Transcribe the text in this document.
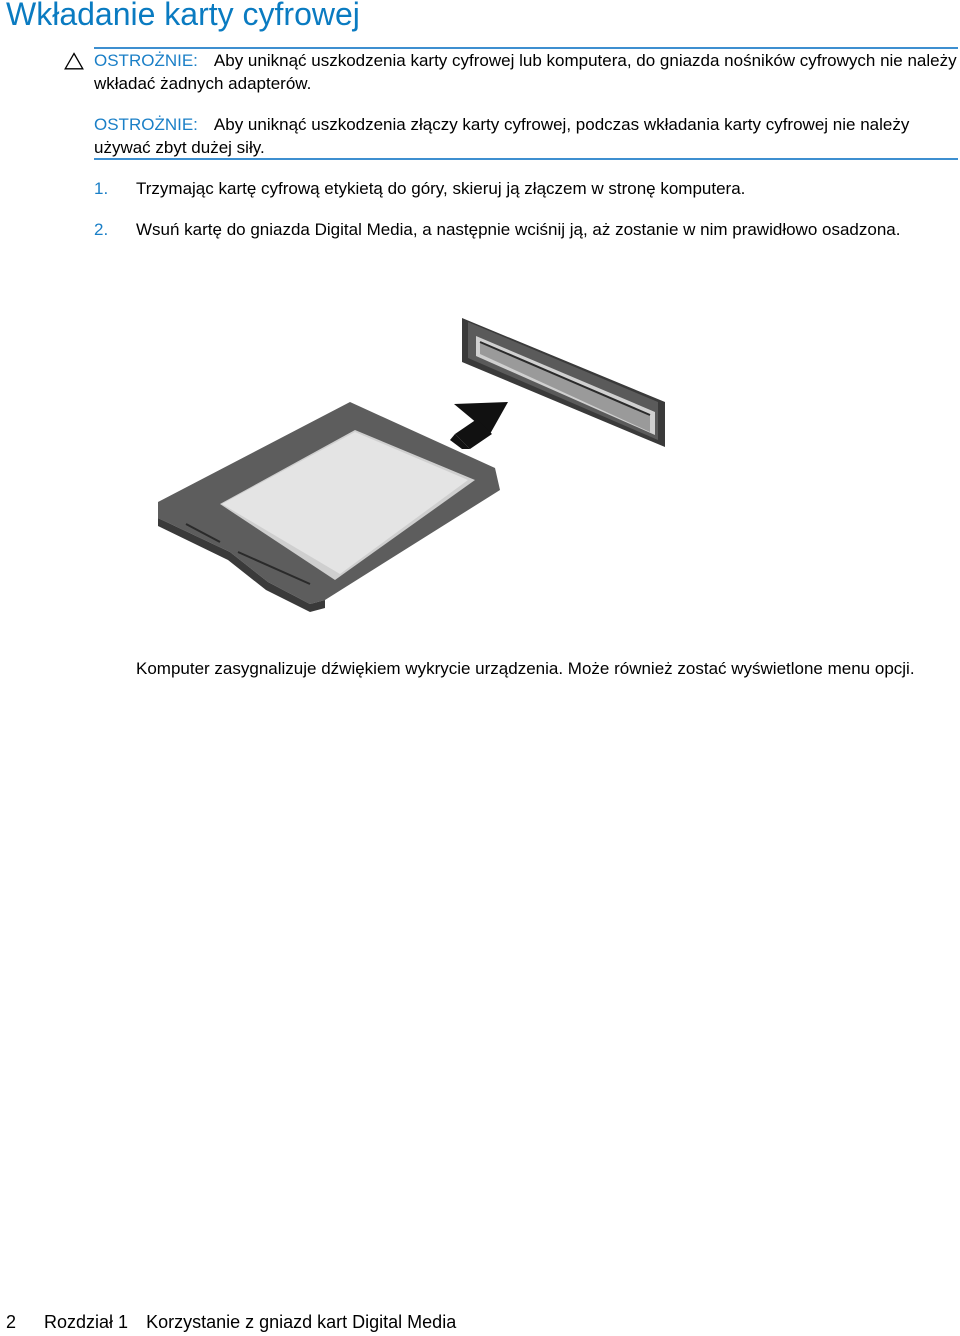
Wkładanie karty cyfrowej
OSTROŻNIE: Aby uniknąć uszkodzenia karty cyfrowej lub komputera, do gniazda nośników cyfrowych nie należy wkładać żadnych adapterów.
OSTROŻNIE: Aby uniknąć uszkodzenia złączy karty cyfrowej, podczas wkładania karty cyfrowej nie należy używać zbyt dużej siły.
1.	Trzymając kartę cyfrową etykietą do góry, skieruj ją złączem w stronę komputera.
2.	Wsuń kartę do gniazda Digital Media, a następnie wciśnij ją, aż zostanie w nim prawidłowo osadzona.
Komputer zasygnalizuje dźwiękiem wykrycie urządzenia. Może również zostać wyświetlone menu opcji.
2 Rozdział 1 Korzystanie z gniazd kart Digital Media
